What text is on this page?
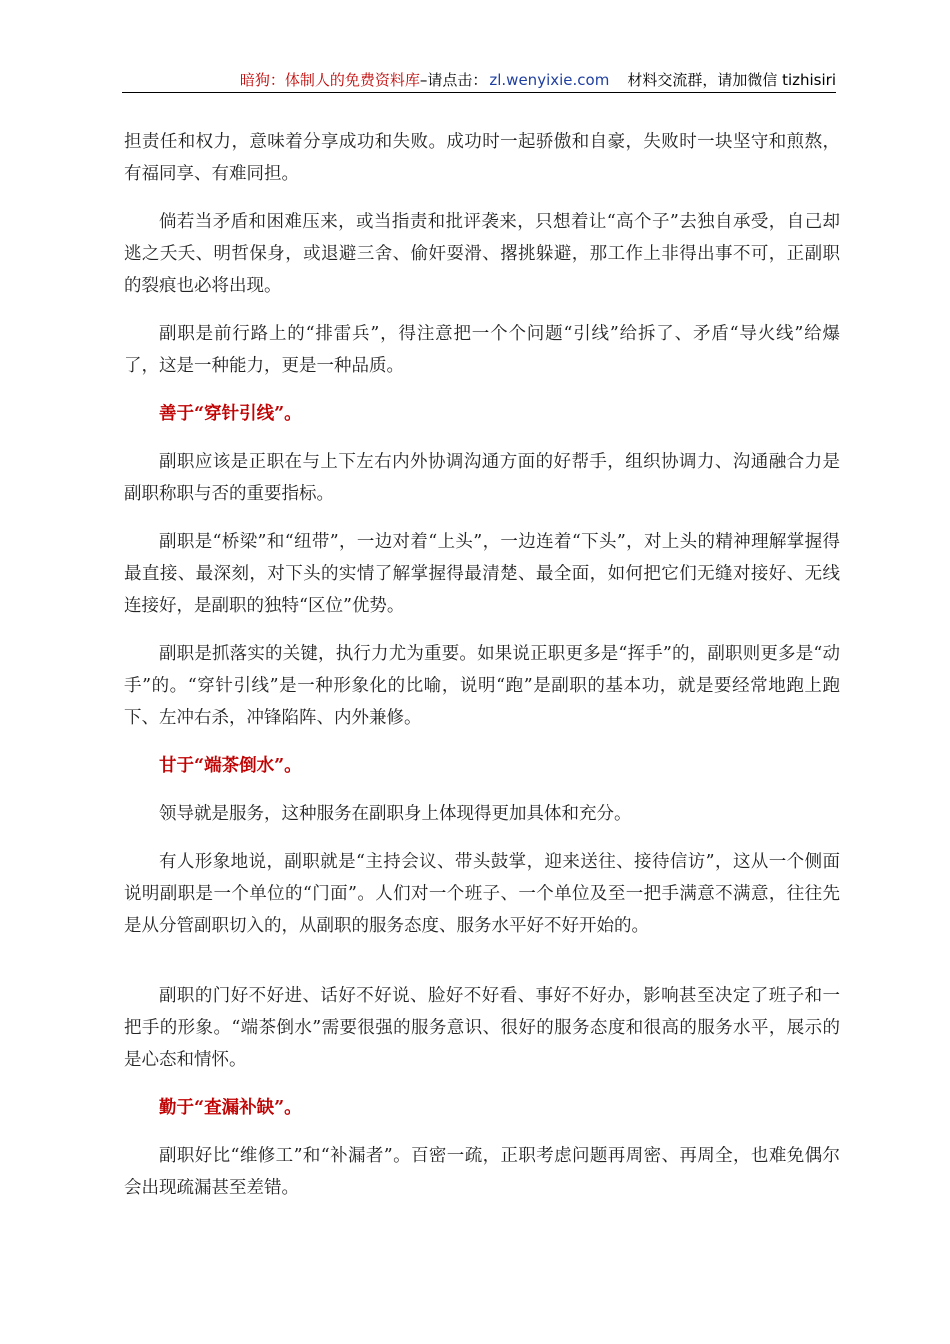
暗狗：体制人的免费资料库–请点击： zl.wenyixie.com 材料交流群，请加微信 tizhisiri

担责任和权力，意味着分享成功和失败。成功时一起骄傲和自豪，失败时一块坚守和煎熬，有福同享、有难同担。

倘若当矛盾和困难压来，或当指责和批评袭来，只想着让“高个子”去独自承受，自己却逃之夭夭、明哲保身，或退避三舍、偷奸耍滑、撂挑躲避，那工作上非得出事不可，正副职的裂痕也必将出现。

副职是前行路上的“排雷兵”，得注意把一个个问题“引线”给拆了、矛盾“导火线”给爆了，这是一种能力，更是一种品质。

善于“穿针引线”。

副职应该是正职在与上下左右内外协调沟通方面的好帮手，组织协调力、沟通融合力是副职称职与否的重要指标。

副职是“桥梁”和“纽带”，一边对着“上头”，一边连着“下头”，对上头的精神理解掌握得最直接、最深刻，对下头的实情了解掌握得最清楚、最全面，如何把它们无缝对接好、无线连接好，是副职的独特“区位”优势。

副职是抓落实的关键，执行力尤为重要。如果说正职更多是“挥手”的，副职则更多是“动手”的。“穿针引线”是一种形象化的比喻，说明“跑”是副职的基本功，就是要经常地跑上跑下、左冲右杀，冲锋陷阵、内外兼修。

甘于“端茶倒水”。

领导就是服务，这种服务在副职身上体现得更加具体和充分。

有人形象地说，副职就是“主持会议、带头鼓掌，迎来送往、接待信访”，这从一个侧面说明副职是一个单位的“门面”。人们对一个班子、一个单位及至一把手满意不满意，往往先是从分管副职切入的，从副职的服务态度、服务水平好不好开始的。

副职的门好不好进、话好不好说、脸好不好看、事好不好办，影响甚至决定了班子和一把手的形象。“端茶倒水”需要很强的服务意识、很好的服务态度和很高的服务水平，展示的是心态和情怀。

勤于“查漏补缺”。

副职好比“维修工”和“补漏者”。百密一疏，正职考虑问题再周密、再周全，也难免偶尔会出现疏漏甚至差错。
